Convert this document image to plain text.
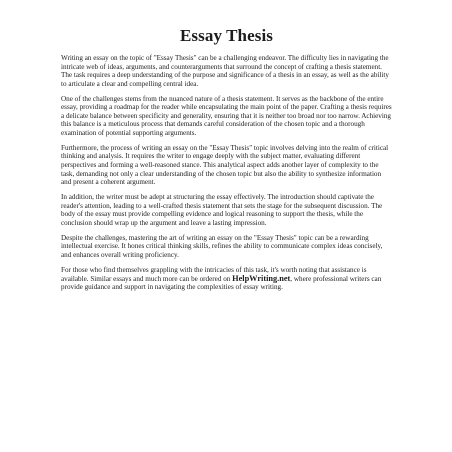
Essay Thesis

Writing an essay on the topic of "Essay Thesis" can be a challenging endeavor. The difficulty lies in navigating the intricate web of ideas, arguments, and counterarguments that surround the concept of crafting a thesis statement. The task requires a deep understanding of the purpose and significance of a thesis in an essay, as well as the ability to articulate a clear and compelling central idea.

One of the challenges stems from the nuanced nature of a thesis statement. It serves as the backbone of the entire essay, providing a roadmap for the reader while encapsulating the main point of the paper. Crafting a thesis requires a delicate balance between specificity and generality, ensuring that it is neither too broad nor too narrow. Achieving this balance is a meticulous process that demands careful consideration of the chosen topic and a thorough examination of potential supporting arguments.

Furthermore, the process of writing an essay on the "Essay Thesis" topic involves delving into the realm of critical thinking and analysis. It requires the writer to engage deeply with the subject matter, evaluating different perspectives and forming a well-reasoned stance. This analytical aspect adds another layer of complexity to the task, demanding not only a clear understanding of the chosen topic but also the ability to synthesize information and present a coherent argument.

In addition, the writer must be adept at structuring the essay effectively. The introduction should captivate the reader's attention, leading to a well-crafted thesis statement that sets the stage for the subsequent discussion. The body of the essay must provide compelling evidence and logical reasoning to support the thesis, while the conclusion should wrap up the argument and leave a lasting impression.

Despite the challenges, mastering the art of writing an essay on the "Essay Thesis" topic can be a rewarding intellectual exercise. It hones critical thinking skills, refines the ability to communicate complex ideas concisely, and enhances overall writing proficiency.

For those who find themselves grappling with the intricacies of this task, it's worth noting that assistance is available. Similar essays and much more can be ordered on HelpWriting.net, where professional writers can provide guidance and support in navigating the complexities of essay writing.
